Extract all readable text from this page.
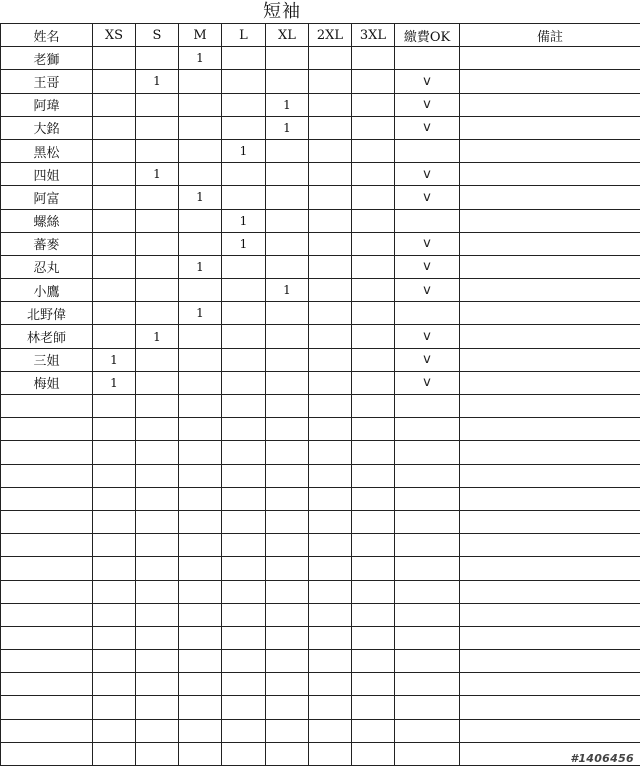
短袖
姓名	XS	S	M	L	XL	2XL	3XL	繳費OK	備註
老獅			1						
王哥		1						v	
阿瑋					1			v	
大銘					1			v	
黑松				1					
四姐		1						v	
阿富			1					v	
螺絲				1					
蕃麥				1				v	
忍丸			1					v	
小鷹					1			v	
北野偉			1						
林老師		1						v	
三姐	1							v	
梅姐	1							v	

#1406456
